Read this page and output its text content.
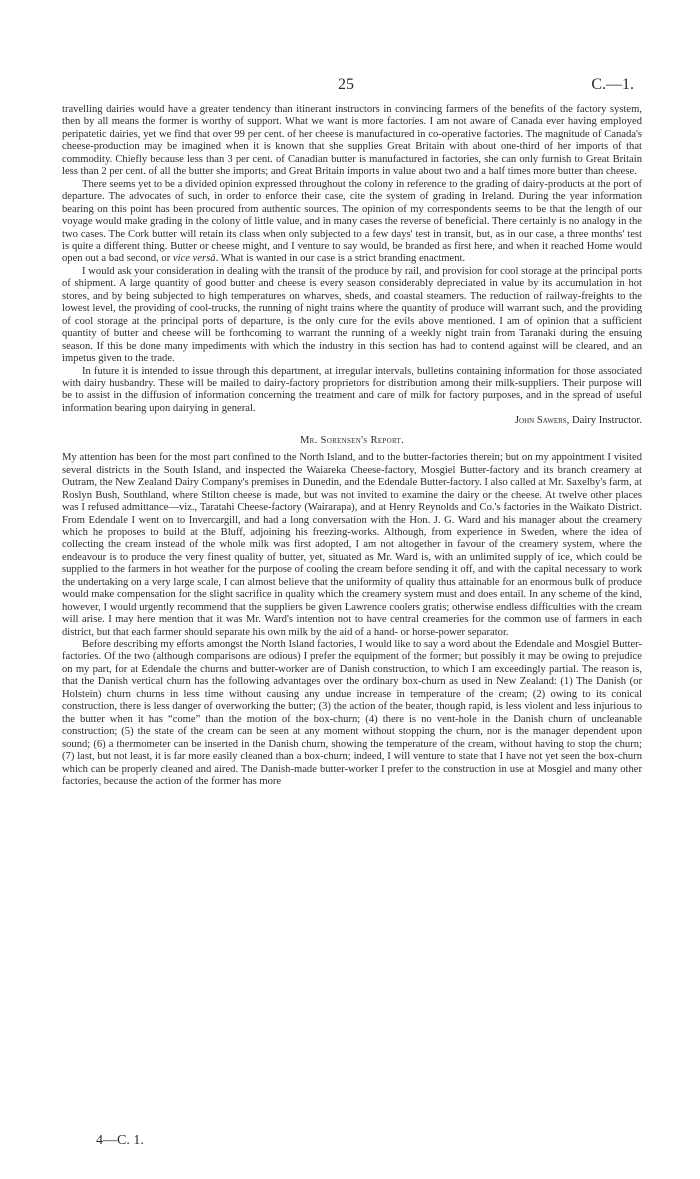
25	C.—1.

travelling dairies would have a greater tendency than itinerant instructors in convincing farmers of the benefits of the factory system, then by all means the former is worthy of support. What we want is more factories. I am not aware of Canada ever having employed peripatetic dairies, yet we find that over 99 per cent. of her cheese is manufactured in co-operative factories. The magnitude of Canada's cheese-production may be imagined when it is known that she supplies Great Britain with about one-third of her imports of that commodity. Chiefly because less than 3 per cent. of Canadian butter is manufactured in factories, she can only furnish to Great Britain less than 2 per cent. of all the butter she imports; and Great Britain imports in value about two and a half times more butter than cheese.

There seems yet to be a divided opinion expressed throughout the colony in reference to the grading of dairy-products at the port of departure. The advocates of such, in order to enforce their case, cite the system of grading in Ireland. During the year information bearing on this point has been procured from authentic sources. The opinion of my correspondents seems to be that the length of our voyage would make grading in the colony of little value, and in many cases the reverse of beneficial. There certainly is no analogy in the two cases. The Cork butter will retain its class when only subjected to a few days' test in transit, but, as in our case, a three months' test is quite a different thing. Butter or cheese might, and I venture to say would, be branded as first here, and when it reached Home would open out a bad second, or vice versâ. What is wanted in our case is a strict branding enactment.

I would ask your consideration in dealing with the transit of the produce by rail, and provision for cool storage at the principal ports of shipment. A large quantity of good butter and cheese is every season considerably depreciated in value by its accumulation in hot stores, and by being subjected to high temperatures on wharves, sheds, and coastal steamers. The reduction of railway-freights to the lowest level, the providing of cool-trucks, the running of night trains where the quantity of produce will warrant such, and the providing of cool storage at the principal ports of departure, is the only cure for the evils above mentioned. I am of opinion that a sufficient quantity of butter and cheese will be forthcoming to warrant the running of a weekly night train from Taranaki during the ensuing season. If this be done many impediments with which the industry in this section has had to contend against will be cleared, and an impetus given to the trade.

In future it is intended to issue through this department, at irregular intervals, bulletins containing information for those associated with dairy husbandry. These will be mailed to dairy-factory proprietors for distribution among their milk-suppliers. Their purpose will be to assist in the diffusion of information concerning the treatment and care of milk for factory purposes, and in the spread of useful information bearing upon dairying in general.

John Sawers, Dairy Instructor.

Mr. Sorensen's Report.

My attention has been for the most part confined to the North Island, and to the butter-factories therein; but on my appointment I visited several districts in the South Island, and inspected the Waiareka Cheese-factory, Mosgiel Butter-factory and its branch creamery at Outram, the New Zealand Dairy Company's premises in Dunedin, and the Edendale Butter-factory. I also called at Mr. Saxelby's farm, at Roslyn Bush, Southland, where Stilton cheese is made, but was not invited to examine the dairy or the cheese. At twelve other places was I refused admittance—viz., Taratahi Cheese-factory (Wairarapa), and at Henry Reynolds and Co.'s factories in the Waikato District. From Edendale I went on to Invercargill, and had a long conversation with the Hon. J. G. Ward and his manager about the creamery which he proposes to build at the Bluff, adjoining his freezing-works. Although, from experience in Sweden, where the idea of collecting the cream instead of the whole milk was first adopted, I am not altogether in favour of the creamery system, where the endeavour is to produce the very finest quality of butter, yet, situated as Mr. Ward is, with an unlimited supply of ice, which could be supplied to the farmers in hot weather for the purpose of cooling the cream before sending it off, and with the capital necessary to work the undertaking on a very large scale, I can almost believe that the uniformity of quality thus attainable for an enormous bulk of produce would make compensation for the slight sacrifice in quality which the creamery system must and does entail. In any scheme of the kind, however, I would urgently recommend that the suppliers be given Lawrence coolers gratis; otherwise endless difficulties with the cream will arise. I may here mention that it was Mr. Ward's intention not to have central creameries for the common use of farmers in each district, but that each farmer should separate his own milk by the aid of a hand- or horse-power separator.

Before describing my efforts amongst the North Island factories, I would like to say a word about the Edendale and Mosgiel Butter-factories. Of the two (although comparisons are odious) I prefer the equipment of the former; but possibly it may be owing to prejudice on my part, for at Edendale the churns and butter-worker are of Danish construction, to which I am exceedingly partial. The reason is, that the Danish vertical churn has the following advantages over the ordinary box-churn as used in New Zealand: (1) The Danish (or Holstein) churn churns in less time without causing any undue increase in temperature of the cream; (2) owing to its conical construction, there is less danger of overworking the butter; (3) the action of the beater, though rapid, is less violent and less injurious to the butter when it has “come” than the motion of the box-churn; (4) there is no vent-hole in the Danish churn of uncleanable construction; (5) the state of the cream can be seen at any moment without stopping the churn, nor is the manager dependent upon sound; (6) a thermometer can be inserted in the Danish churn, showing the temperature of the cream, without having to stop the churn; (7) last, but not least, it is far more easily cleaned than a box-churn; indeed, I will venture to state that I have not yet seen the box-churn which can be properly cleaned and aired. The Danish-made butter-worker I prefer to the construction in use at Mosgiel and many other factories, because the action of the former has more

4—C. 1.
